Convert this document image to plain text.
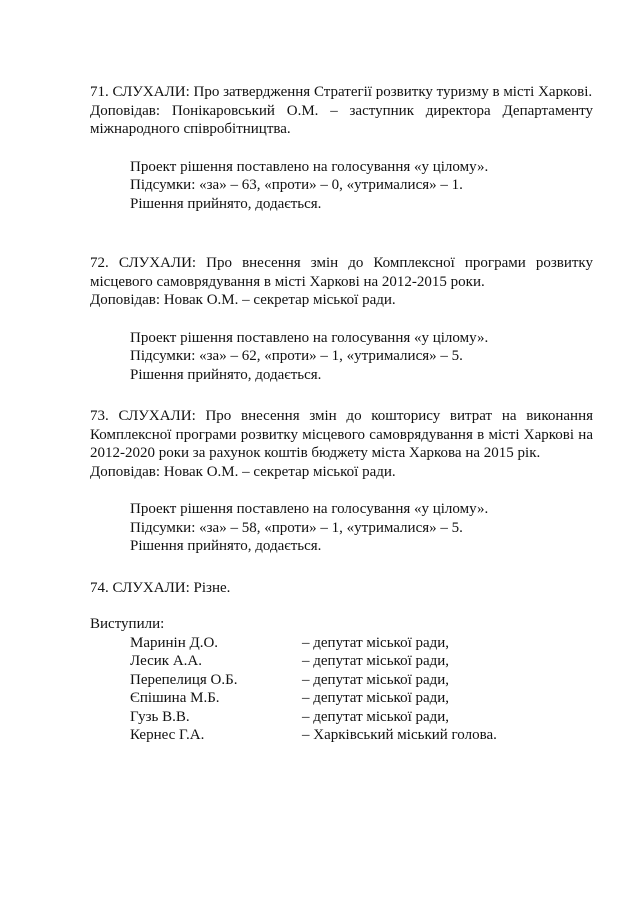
71. СЛУХАЛИ: Про затвердження Стратегії розвитку туризму в місті Харкові.
Доповідав: Понікаровський О.М. – заступник директора Департаменту міжнародного співробітництва.
Проект рішення поставлено на голосування «у цілому».
Підсумки: «за» – 63, «проти» – 0, «утрималися» – 1.
Рішення прийнято, додається.
72. СЛУХАЛИ: Про внесення змін до Комплексної програми розвитку місцевого самоврядування в місті Харкові на 2012-2015 роки.
Доповідав: Новак О.М. – секретар міської ради.
Проект рішення поставлено на голосування «у цілому».
Підсумки: «за» – 62, «проти» – 1, «утрималися» – 5.
Рішення прийнято, додається.
73. СЛУХАЛИ: Про внесення змін до кошторису витрат на виконання Комплексної програми розвитку місцевого самоврядування в місті Харкові на 2012-2020 роки за рахунок коштів бюджету міста Харкова на 2015 рік.
Доповідав: Новак О.М. – секретар міської ради.
Проект рішення поставлено на голосування «у цілому».
Підсумки: «за» – 58, «проти» – 1, «утрималися» – 5.
Рішення прийнято, додається.
74. СЛУХАЛИ: Різне.
Виступили:
Маринін Д.О.	– депутат міської ради,
Лесик А.А.	– депутат міської ради,
Перепелиця О.Б.	– депутат міської ради,
Єпішина М.Б.	– депутат міської ради,
Гузь В.В.	– депутат міської ради,
Кернес Г.А.	– Харківський міський голова.
